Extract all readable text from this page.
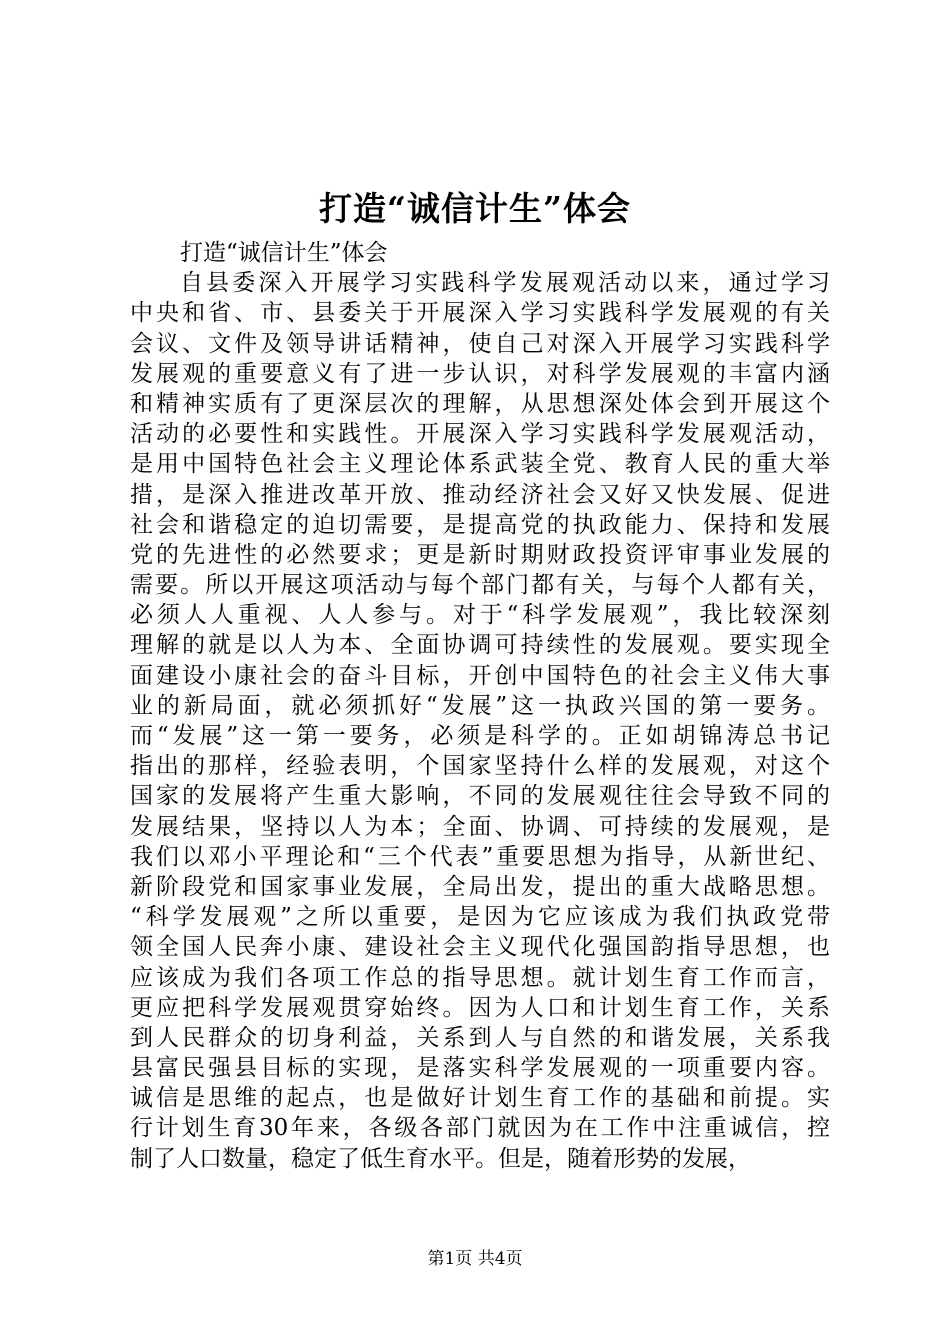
打造“诚信计生”体会
打造“诚信计生”体会
自县委深入开展学习实践科学发展观活动以来，通过学习
中央和省、市、县委关于开展深入学习实践科学发展观的有关
会议、文件及领导讲话精神，使自己对深入开展学习实践科学
发展观的重要意义有了进一步认识，对科学发展观的丰富内涵
和精神实质有了更深层次的理解，从思想深处体会到开展这个
活动的必要性和实践性。开展深入学习实践科学发展观活动，
是用中国特色社会主义理论体系武装全党、教育人民的重大举
措，是深入推进改革开放、推动经济社会又好又快发展、促进
社会和谐稳定的迫切需要，是提高党的执政能力、保持和发展
党的先进性的必然要求；更是新时期财政投资评审事业发展的
需要。所以开展这项活动与每个部门都有关，与每个人都有关，
必须人人重视、人人参与。对于“科学发展观”，我比较深刻
理解的就是以人为本、全面协调可持续性的发展观。要实现全
面建设小康社会的奋斗目标，开创中国特色的社会主义伟大事
业的新局面，就必须抓好“发展”这一执政兴国的第一要务。
而“发展”这一第一要务，必须是科学的。正如胡锦涛总书记
指出的那样，经验表明，个国家坚持什么样的发展观，对这个
国家的发展将产生重大影响，不同的发展观往往会导致不同的
发展结果，坚持以人为本；全面、协调、可持续的发展观，是
我们以邓小平理论和“三个代表”重要思想为指导，从新世纪、
新阶段党和国家事业发展，全局出发，提出的重大战略思想。
“科学发展观”之所以重要，是因为它应该成为我们执政党带
领全国人民奔小康、建设社会主义现代化强国韵指导思想，也
应该成为我们各项工作总的指导思想。就计划生育工作而言，
更应把科学发展观贯穿始终。因为人口和计划生育工作，关系
到人民群众的切身利益，关系到人与自然的和谐发展，关系我
县富民强县目标的实现，是落实科学发展观的一项重要内容。
诚信是思维的起点，也是做好计划生育工作的基础和前提。实
行计划生育30年来，各级各部门就因为在工作中注重诚信，控
制了人口数量，稳定了低生育水平。但是，随着形势的发展，
第1页 共4页
